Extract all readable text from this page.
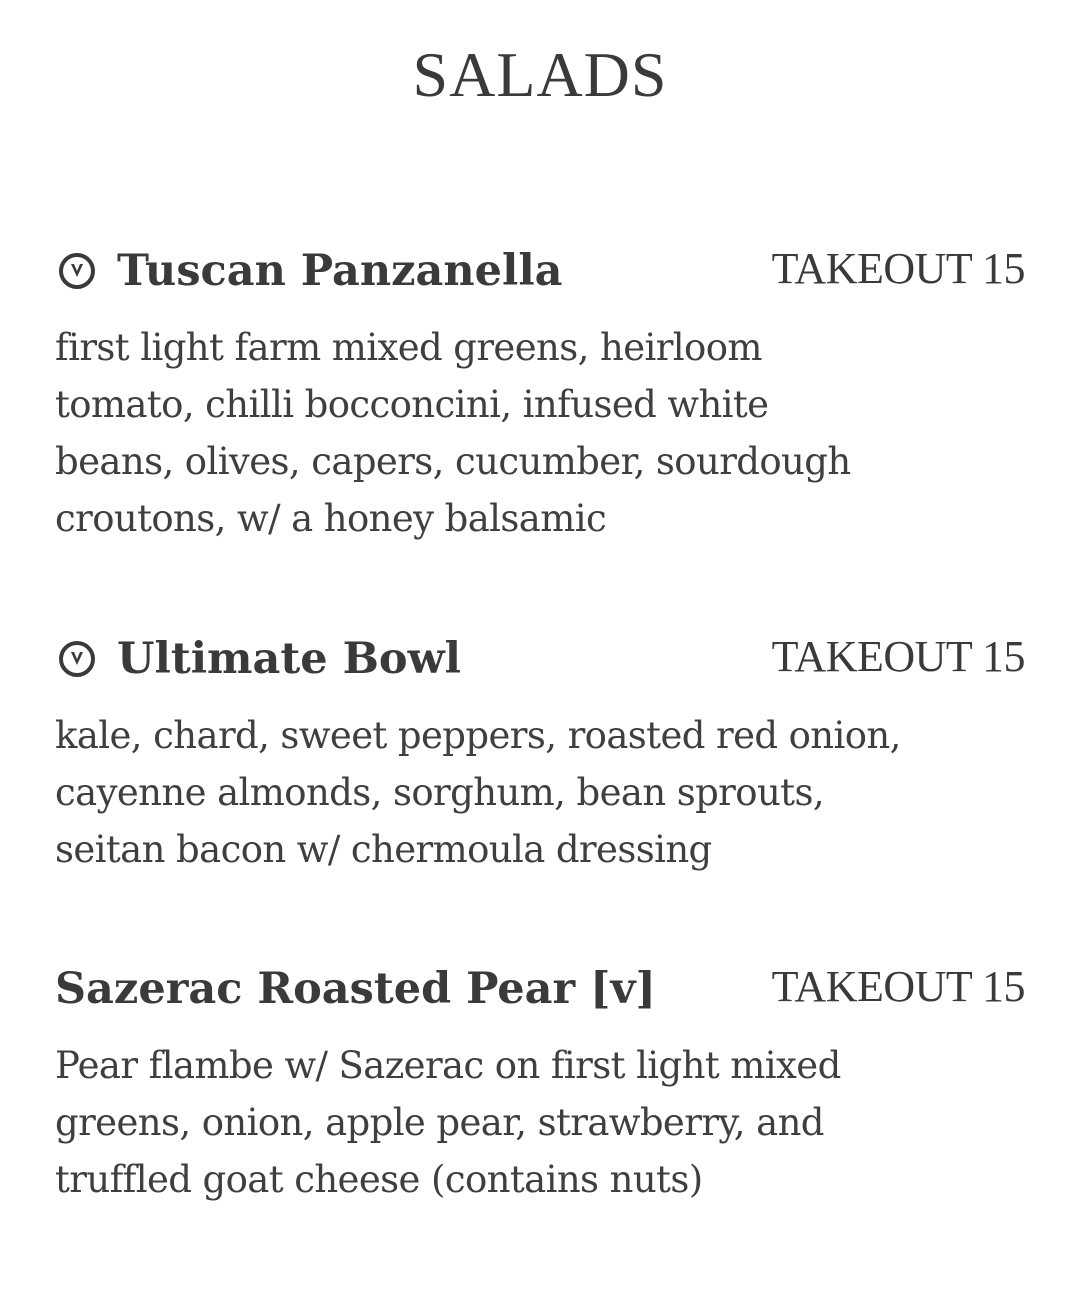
SALADS
Tuscan Panzanella	TAKEOUT 15
first light farm mixed greens, heirloom
tomato, chilli bocconcini, infused white
beans, olives, capers, cucumber, sourdough
croutons, w/ a honey balsamic
Ultimate Bowl	TAKEOUT 15
kale, chard, sweet peppers, roasted red onion,
cayenne almonds, sorghum, bean sprouts,
seitan bacon w/ chermoula dressing
Sazerac Roasted Pear [v]	TAKEOUT 15
Pear flambe w/ Sazerac on first light mixed
greens, onion, apple pear, strawberry, and
truffled goat cheese (contains nuts)
